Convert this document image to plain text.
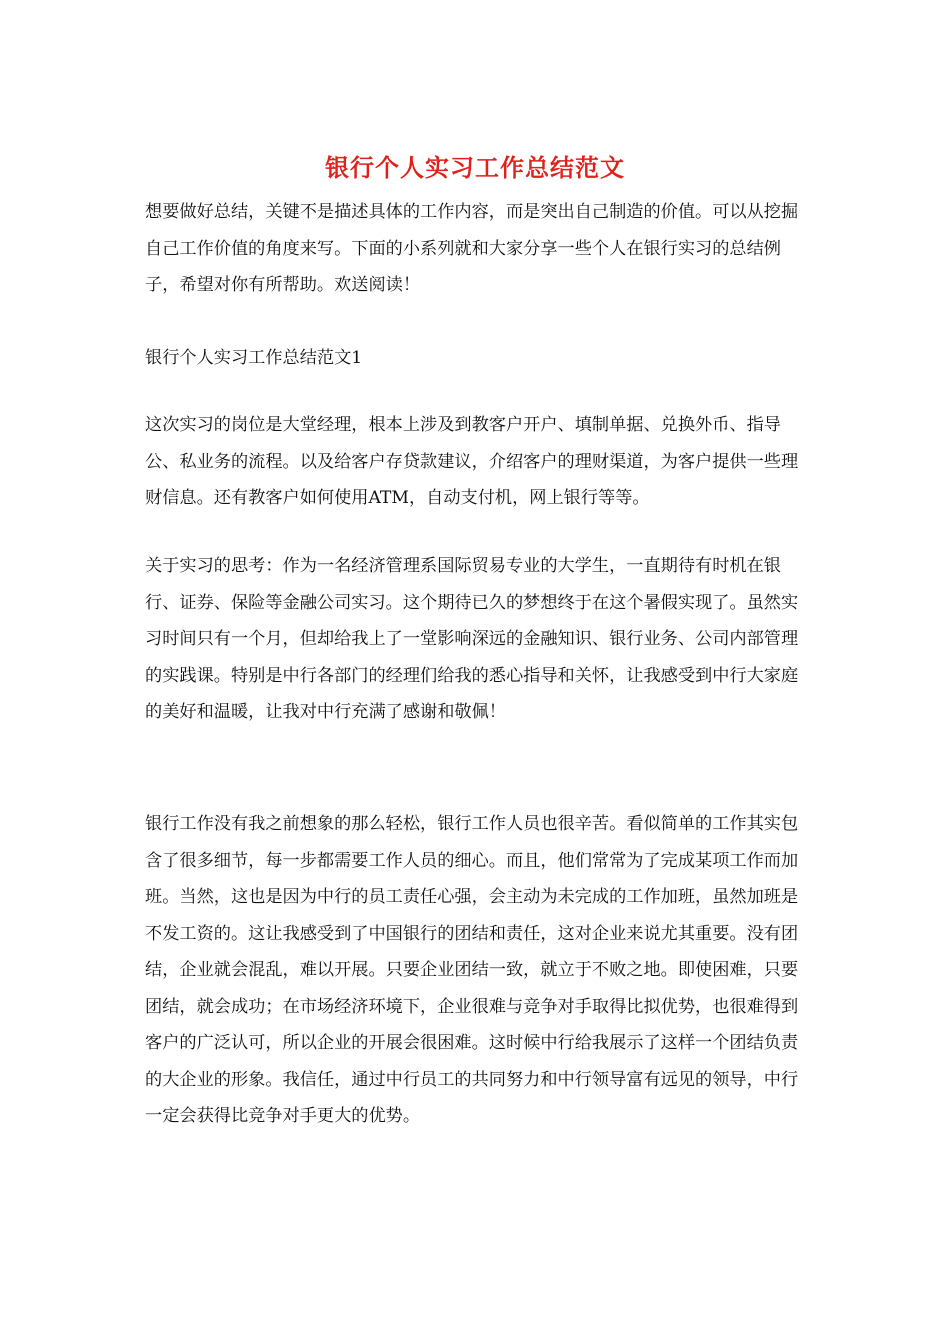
银行个人实习工作总结范文

想要做好总结，关键不是描述具体的工作内容，而是突出自己制造的价值。可以从挖掘自己工作价值的角度来写。下面的小系列就和大家分享一些个人在银行实习的总结例子，希望对你有所帮助。欢送阅读！

银行个人实习工作总结范文1

这次实习的岗位是大堂经理，根本上涉及到教客户开户、填制单据、兑换外币、指导公、私业务的流程。以及给客户存贷款建议，介绍客户的理财渠道，为客户提供一些理财信息。还有教客户如何使用ATM，自动支付机，网上银行等等。

关于实习的思考：作为一名经济管理系国际贸易专业的大学生，一直期待有时机在银行、证券、保险等金融公司实习。这个期待已久的梦想终于在这个暑假实现了。虽然实习时间只有一个月，但却给我上了一堂影响深远的金融知识、银行业务、公司内部管理的实践课。特别是中行各部门的经理们给我的悉心指导和关怀，让我感受到中行大家庭的美好和温暖，让我对中行充满了感谢和敬佩！

银行工作没有我之前想象的那么轻松，银行工作人员也很辛苦。看似简单的工作其实包含了很多细节，每一步都需要工作人员的细心。而且，他们常常为了完成某项工作而加班。当然，这也是因为中行的员工责任心强，会主动为未完成的工作加班，虽然加班是不发工资的。这让我感受到了中国银行的团结和责任，这对企业来说尤其重要。没有团结，企业就会混乱，难以开展。只要企业团结一致，就立于不败之地。即使困难，只要团结，就会成功；在市场经济环境下，企业很难与竞争对手取得比拟优势，也很难得到客户的广泛认可，所以企业的开展会很困难。这时候中行给我展示了这样一个团结负责的大企业的形象。我信任，通过中行员工的共同努力和中行领导富有远见的领导，中行一定会获得比竞争对手更大的优势。
